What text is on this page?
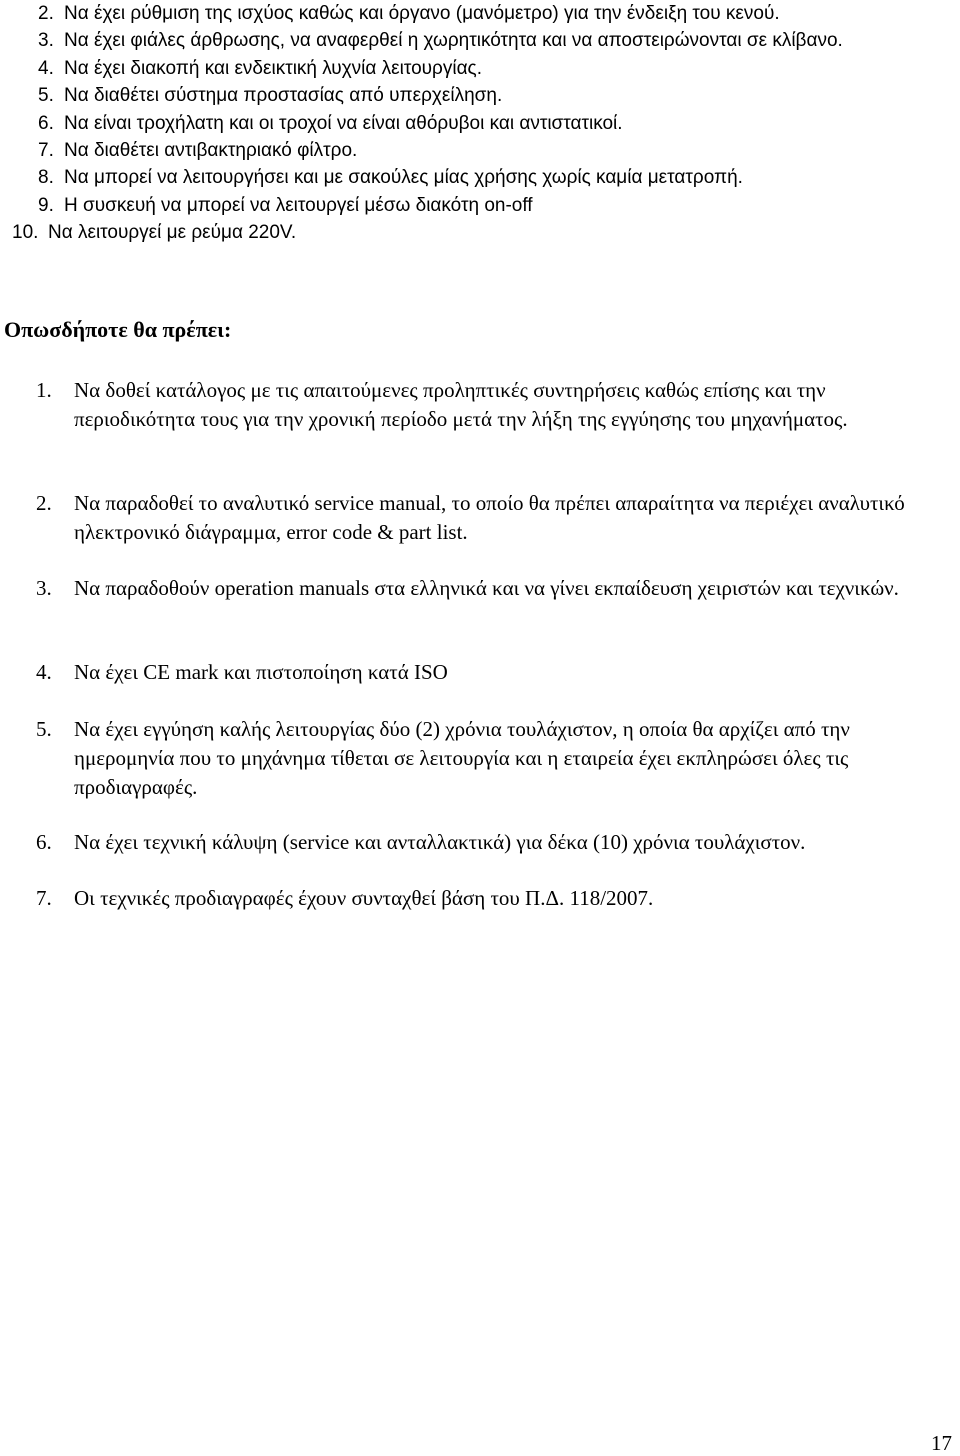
2. Να έχει ρύθμιση της ισχύος καθώς και όργανο (μανόμετρο) για την ένδειξη του κενού.
3. Να έχει φιάλες άρθρωσης, να αναφερθεί η χωρητικότητα και να αποστειρώνονται σε κλίβανο.
4. Να έχει διακοπή και ενδεικτική λυχνία λειτουργίας.
5. Να διαθέτει σύστημα προστασίας από υπερχείληση.
6. Να είναι τροχήλατη και οι τροχοί να είναι αθόρυβοι και αντιστατικοί.
7. Να διαθέτει αντιβακτηριακό φίλτρο.
8. Να μπορεί να λειτουργήσει και με σακούλες μίας χρήσης χωρίς καμία μετατροπή.
9. Η συσκευή να μπορεί να λειτουργεί μέσω διακότη on-off
10. Να λειτουργεί με ρεύμα 220V.
Οπωσδήποτε θα πρέπει:
1. Να δοθεί κατάλογος με τις απαιτούμενες προληπτικές συντηρήσεις καθώς επίσης και την περιοδικότητα τους για την χρονική περίοδο μετά την λήξη της εγγύησης του μηχανήματος.
2. Να παραδοθεί το αναλυτικό service manual, το οποίο θα πρέπει απαραίτητα να περιέχει αναλυτικό ηλεκτρονικό διάγραμμα, error code & part list.
3. Να παραδοθούν operation manuals στα ελληνικά και να γίνει εκπαίδευση χειριστών και τεχνικών.
4. Να έχει CE mark και πιστοποίηση κατά ISO
5. Να έχει εγγύηση καλής λειτουργίας δύο (2) χρόνια τουλάχιστον, η οποία θα αρχίζει από την ημερομηνία που το μηχάνημα τίθεται σε λειτουργία και η εταιρεία έχει εκπληρώσει όλες τις προδιαγραφές.
6. Να έχει τεχνική κάλυψη (service και ανταλλακτικά) για δέκα (10) χρόνια τουλάχιστον.
7. Οι τεχνικές προδιαγραφές έχουν συνταχθεί βάση του Π.Δ. 118/2007.
17
